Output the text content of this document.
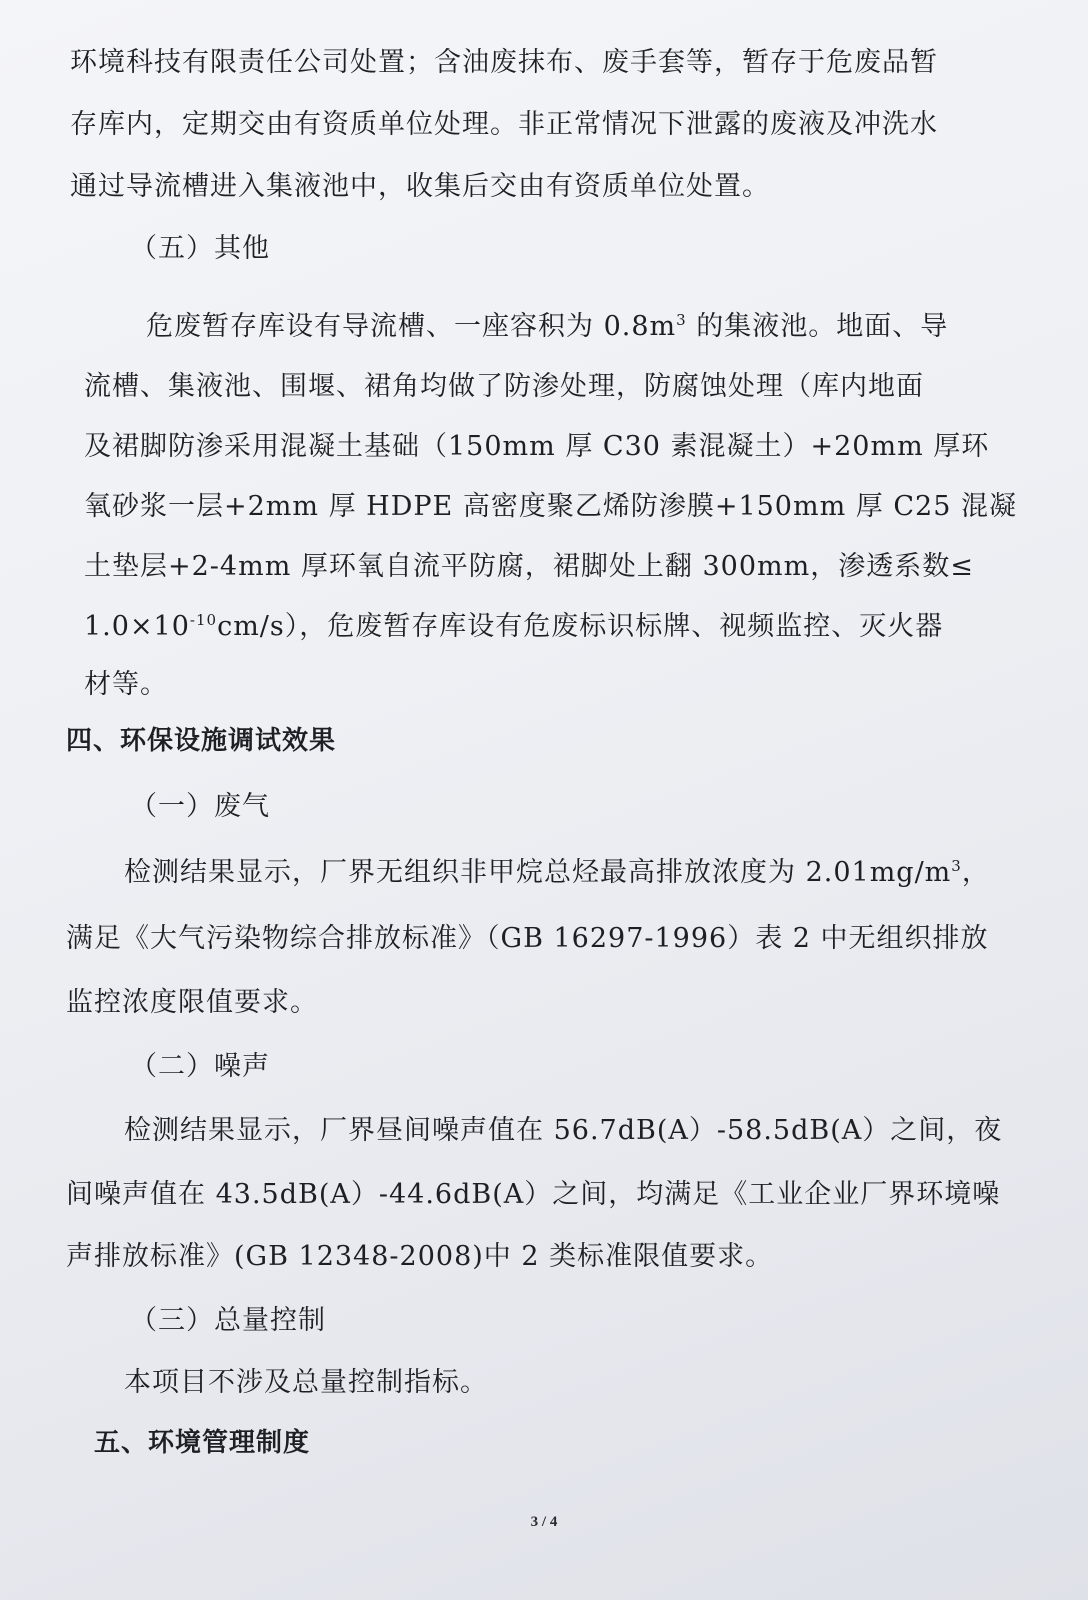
环境科技有限责任公司处置；含油废抹布、废手套等，暂存于危废品暂
存库内，定期交由有资质单位处理。非正常情况下泄露的废液及冲洗水
通过导流槽进入集液池中，收集后交由有资质单位处置。
（五）其他
危废暂存库设有导流槽、一座容积为 $0.8m^3$ 的集液池。地面、导
流槽、集液池、围堰、裙角均做了防渗处理，防腐蚀处理（库内地面
及裙脚防渗采用混凝土基础（150mm 厚 C30 素混凝土）+20mm 厚环
氧砂浆一层+2mm 厚 HDPE 高密度聚乙烯防渗膜+150mm 厚 C25 混凝
土垫层+2-4mm 厚环氧自流平防腐，裙脚处上翻 300mm，渗透系数≤
$1.0\times 10^{-10}cm/s$），危废暂存库设有危废标识标牌、视频监控、灭火器
材等。
四、环保设施调试效果
（一）废气
检测结果显示，厂界无组织非甲烷总烃最高排放浓度为 $2.01mg/m^3$，
满足《大气污染物综合排放标准》（GB 16297-1996）表 2 中无组织排放
监控浓度限值要求。
（二）噪声
检测结果显示，厂界昼间噪声值在 56.7dB(A）-58.5dB(A）之间，夜
间噪声值在 43.5dB(A）-44.6dB(A）之间，均满足《工业企业厂界环境噪
声排放标准》(GB 12348-2008)中 2 类标准限值要求。
（三）总量控制
本项目不涉及总量控制指标。
五、环境管理制度
3 / 4
